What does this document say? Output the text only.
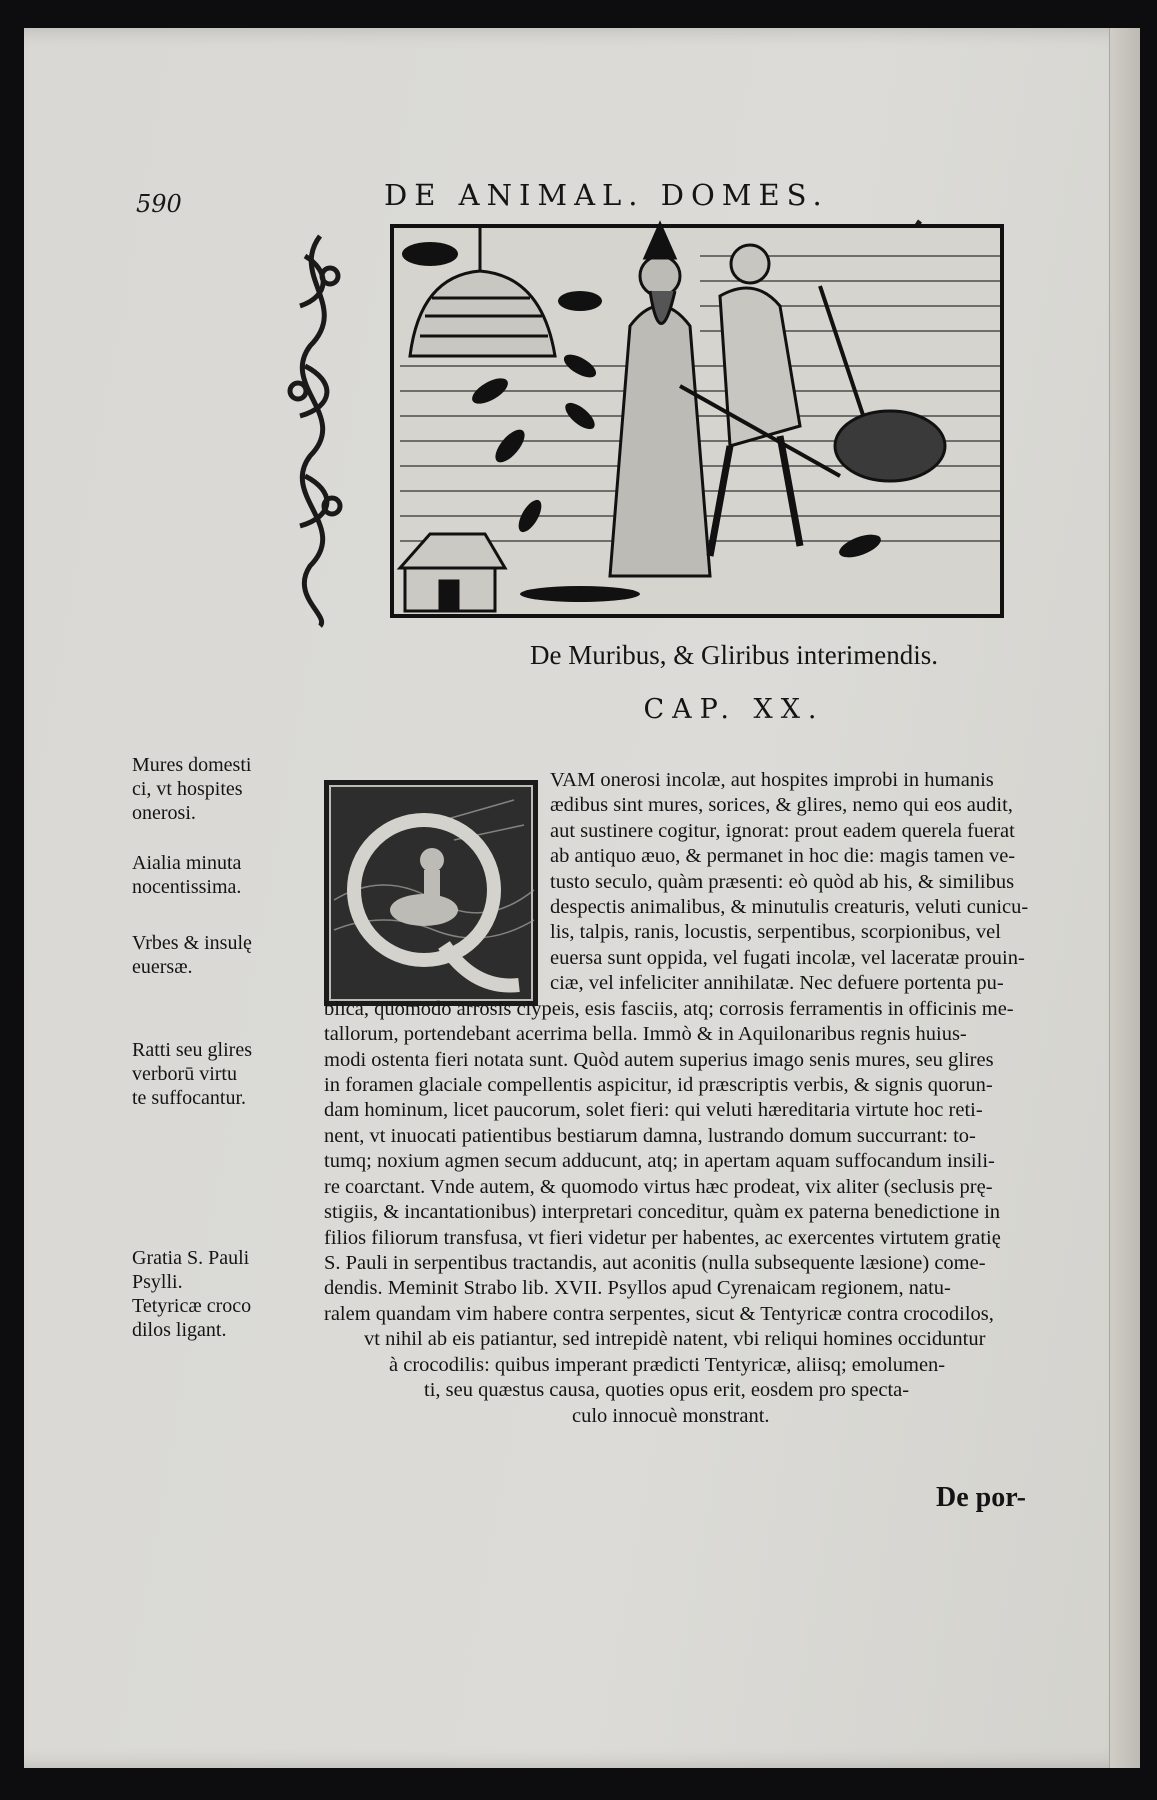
590	DE ANIMAL. DOMES.
De Muribus, & Gliribus interimendis.
CAP. XX.
Mures domesti
ci, vt hospites
onerosi.
Aialia minuta
nocentissima.
Vrbes & insulę
euersæ.
Ratti seu glires
verborū virtu
te suffocantur.
Gratia S. Pauli
Psylli.
Tetyricæ croco
dilos ligant.
VAM onerosi incolæ, aut hospites improbi in humanis
ædibus sint mures, sorices, & glires, nemo qui eos audit,
aut sustinere cogitur, ignorat: prout eadem querela fuerat
ab antiquo æuo, & permanet in hoc die: magis tamen ve-
tusto seculo, quàm præsenti: eò quòd ab his, & similibus
despectis animalibus, & minutulis creaturis, veluti cunicu-
lis, talpis, ranis, locustis, serpentibus, scorpionibus, vel
euersa sunt oppida, vel fugati incolæ, vel laceratæ prouin-
ciæ, vel infeliciter annihilatæ. Nec defuere portenta pu-
blica, quomodo arrosis clypeis, esis fasciis, atq; corrosis ferramentis in officinis me-
tallorum, portendebant acerrima bella. Immò & in Aquilonaribus regnis huius-
modi ostenta fieri notata sunt. Quòd autem superius imago senis mures, seu glires
in foramen glaciale compellentis aspicitur, id præscriptis verbis, & signis quorun-
dam hominum, licet paucorum, solet fieri: qui veluti hæreditaria virtute hoc reti-
nent, vt inuocati patientibus bestiarum damna, lustrando domum succurrant: to-
tumq; noxium agmen secum adducunt, atq; in apertam aquam suffocandum insili-
re coarctant. Vnde autem, & quomodo virtus hæc prodeat, vix aliter (seclusis prę-
stigiis, & incantationibus) interpretari conceditur, quàm ex paterna benedictione in
filios filiorum transfusa, vt fieri videtur per habentes, ac exercentes virtutem gratię
S. Pauli in serpentibus tractandis, aut aconitis (nulla subsequente læsione) come-
dendis. Meminit Strabo lib. XVII. Psyllos apud Cyrenaicam regionem, natu-
ralem quandam vim habere contra serpentes, sicut & Tentyricæ contra crocodilos,
vt nihil ab eis patiantur, sed intrepidè natent, vbi reliqui homines occiduntur
à crocodilis: quibus imperant prædicti Tentyricæ, aliisq; emolumen-
ti, seu quæstus causa, quoties opus erit, eosdem pro specta-
culo innocuè monstrant.
De por-
